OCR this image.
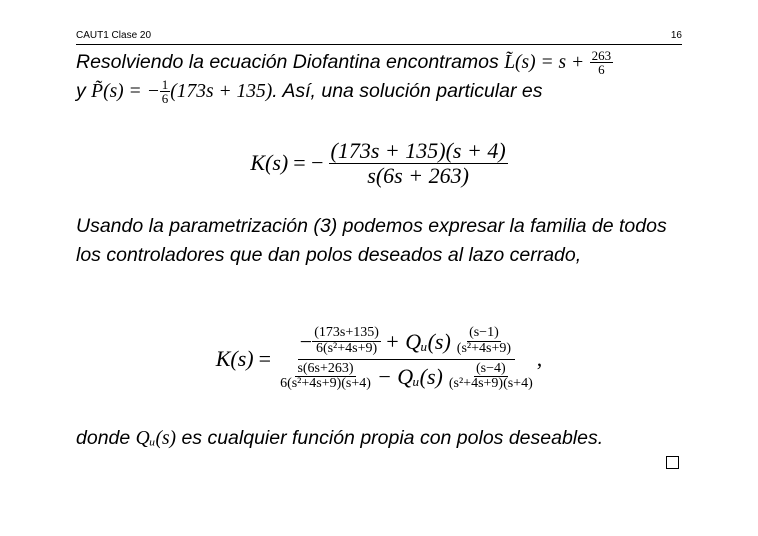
CAUT1 Clase 20	16
Resolviendo la ecuación Diofantina encontramos L̃(s) = $s + \frac{263}{6}$
y P̃(s) = − $\frac{1}{6} (173s + 135)$. Así, una solución particular es
K(s) = − $\frac{(173s + 135)(s + 4)}{s(6s + 263)}$
Usando la parametrización (3) podemos expresar la familia de todos los controladores que dan polos deseados al lazo cerrado,
K(s) =
− $\frac{(173s+135)}{\text{6(s²+4s+9)}}$ + Qᵤ(s) $\frac{(s-1)}{\text{(s²+4s+9)}}$
$\frac{s(6s+263)}{\text{6(s²+4s+9)(s+4)}}$ − Qᵤ(s) $\frac{(s-4)}{\text{(s²+4s+9)(s+4)}}$
,
donde Qᵤ(s) es cualquier función propia con polos deseables.
